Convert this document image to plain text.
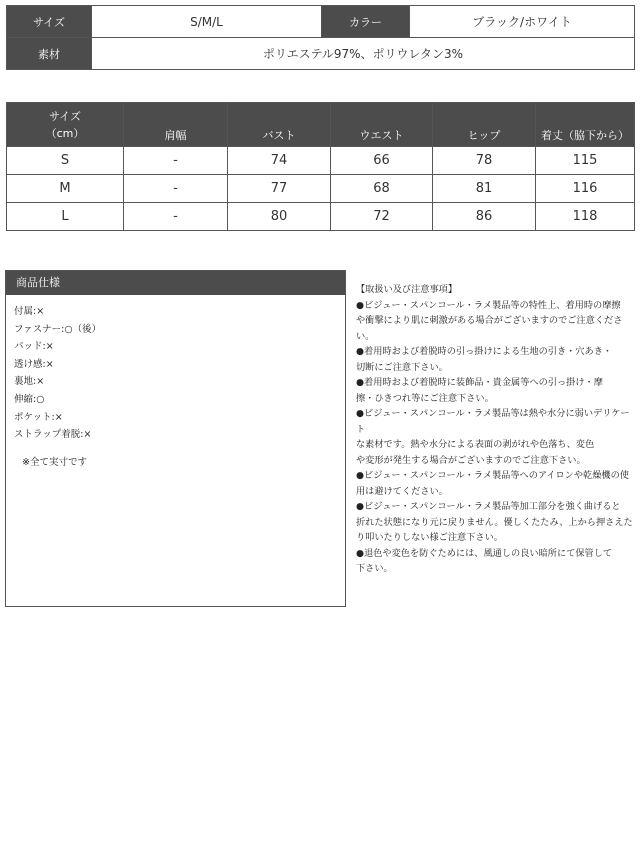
サイズ	S/M/L	カラー	ブラック/ホワイト
素材	ポリエステル97%、ポリウレタン3%		
サイズ
（cm）	肩幅	バスト	ウエスト	ヒップ	着丈（脇下から）
S	-	74	66	78	115
M	-	77	68	81	116
L	-	80	72	86	118
商品仕様
付属:×
ファスナー:○（後）
パッド:×
透け感:×
裏地:×
伸縮:○
ポケット:×
ストラップ着脱:×
※全て実寸です

【取扱い及び注意事項】

●ビジュー・スパンコール・ラメ製品等の特性上、着用時の摩擦

や衝撃により肌に刺激がある場合がございますのでご注意くださ

い。

●着用時および着脱時の引っ掛けによる生地の引き・穴あき・

切断にご注意下さい。

●着用時および着脱時に装飾品・貴金属等への引っ掛け・摩

擦・ひきつれ等にご注意下さい。

●ビジュー・スパンコール・ラメ製品等は熱や水分に弱いデリケート

な素材です。熱や水分による表面の剥がれや色落ち、変色

や変形が発生する場合がございますのでご注意下さい。

●ビジュー・スパンコール・ラメ製品等へのアイロンや乾燥機の使

用は避けてください。

●ビジュー・スパンコール・ラメ製品等加工部分を強く曲げると

折れた状態になり元に戻りません。優しくたたみ、上から押さえた

り叩いたりしない様ご注意下さい。

●退色や変色を防ぐためには、風通しの良い暗所にて保管して

下さい。
